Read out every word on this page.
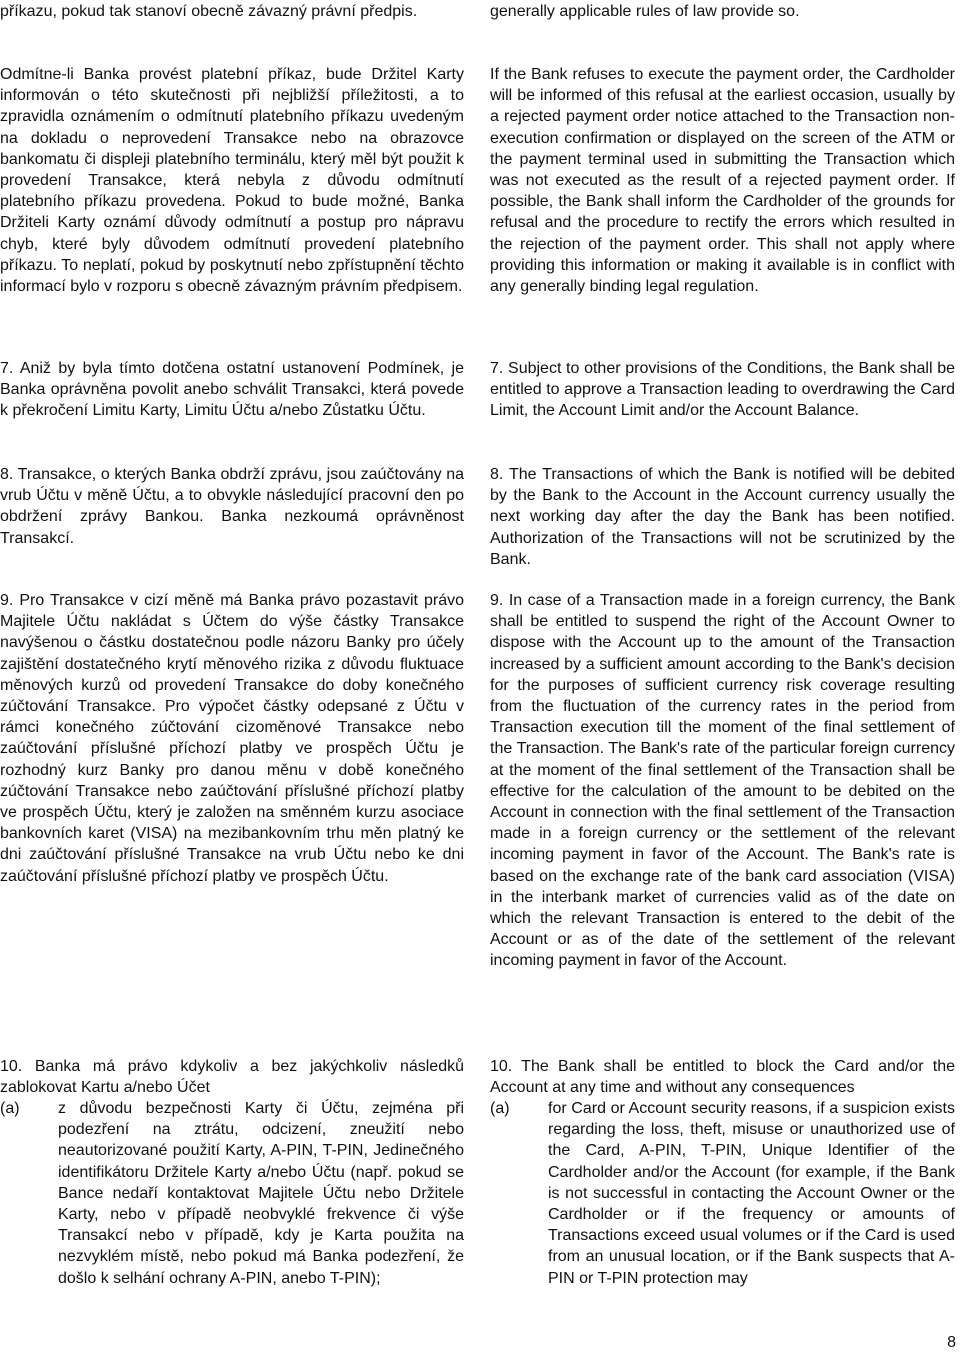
příkazu, pokud tak stanoví obecně závazný právní předpis.

Odmítne-li Banka provést platební příkaz, bude Držitel Karty informován o této skutečnosti při nejbližší příležitosti, a to zpravidla oznámením o odmítnutí platebního příkazu uvedeným na dokladu o neprovedení Transakce nebo na obrazovce bankomatu či displeji platebního terminálu, který měl být použit k provedení Transakce, která nebyla z důvodu odmítnutí platebního příkazu provedena. Pokud to bude možné, Banka Držiteli Karty oznámí důvody odmítnutí a postup pro nápravu chyb, které byly důvodem odmítnutí provedení platebního příkazu. To neplatí, pokud by poskytnutí nebo zpřístupnění těchto informací bylo v rozporu s obecně závazným právním předpisem.

7. Aniž by byla tímto dotčena ostatní ustanovení Podmínek, je Banka oprávněna povolit anebo schválit Transakci, která povede k překročení Limitu Karty, Limitu Účtu a/nebo Zůstatku Účtu.

8. Transakce, o kterých Banka obdrží zprávu, jsou zaúčtovány na vrub Účtu v měně Účtu, a to obvykle následující pracovní den po obdržení zprávy Bankou. Banka nezkoumá oprávněnost Transakcí.

9. Pro Transakce v cizí měně má Banka právo pozastavit právo Majitele Účtu nakládat s Účtem do výše částky Transakce navýšenou o částku dostatečnou podle názoru Banky pro účely zajištění dostatečného krytí měnového rizika z důvodu fluktuace měnových kurzů od provedení Transakce do doby konečného zúčtování Transakce. Pro výpočet částky odepsané z Účtu v rámci konečného zúčtování cizoměnové Transakce nebo zaúčtování příslušné příchozí platby ve prospěch Účtu je rozhodný kurz Banky pro danou měnu v době konečného zúčtování Transakce nebo zaúčtování příslušné příchozí platby ve prospěch Účtu, který je založen na směnném kurzu asociace bankovních karet (VISA) na mezibankovním trhu měn platný ke dni zaúčtování příslušné Transakce na vrub Účtu nebo ke dni zaúčtování příslušné příchozí platby ve prospěch Účtu.

10. Banka má právo kdykoliv a bez jakýchkoliv následků zablokovat Kartu a/nebo Účet

(a) z důvodu bezpečnosti Karty či Účtu, zejména při podezření na ztrátu, odcizení, zneužití nebo neautorizované použití Karty, A-PIN, T-PIN, Jedinečného identifikátoru Držitele Karty a/nebo Účtu (např. pokud se Bance nedaří kontaktovat Majitele Účtu nebo Držitele Karty, nebo v případě neobvyklé frekvence či výše Transakcí nebo v případě, kdy je Karta použita na nezvyklém místě, nebo pokud má Banka podezření, že došlo k selhání ochrany A-PIN, anebo T-PIN);

generally applicable rules of law provide so.

If the Bank refuses to execute the payment order, the Cardholder will be informed of this refusal at the earliest occasion, usually by a rejected payment order notice attached to the Transaction non-execution confirmation or displayed on the screen of the ATM or the payment terminal used in submitting the Transaction which was not executed as the result of a rejected payment order. If possible, the Bank shall inform the Cardholder of the grounds for refusal and the procedure to rectify the errors which resulted in the rejection of the payment order. This shall not apply where providing this information or making it available is in conflict with any generally binding legal regulation.

7. Subject to other provisions of the Conditions, the Bank shall be entitled to approve a Transaction leading to overdrawing the Card Limit, the Account Limit and/or the Account Balance.

8. The Transactions of which the Bank is notified will be debited by the Bank to the Account in the Account currency usually the next working day after the day the Bank has been notified. Authorization of the Transactions will not be scrutinized by the Bank.

9. In case of a Transaction made in a foreign currency, the Bank shall be entitled to suspend the right of the Account Owner to dispose with the Account up to the amount of the Transaction increased by a sufficient amount according to the Bank's decision for the purposes of sufficient currency risk coverage resulting from the fluctuation of the currency rates in the period from Transaction execution till the moment of the final settlement of the Transaction. The Bank's rate of the particular foreign currency at the moment of the final settlement of the Transaction shall be effective for the calculation of the amount to be debited on the Account in connection with the final settlement of the Transaction made in a foreign currency or the settlement of the relevant incoming payment in favor of the Account. The Bank's rate is based on the exchange rate of the bank card association (VISA) in the interbank market of currencies valid as of the date on which the relevant Transaction is entered to the debit of the Account or as of the date of the settlement of the relevant incoming payment in favor of the Account.

10. The Bank shall be entitled to block the Card and/or the Account at any time and without any consequences

(a) for Card or Account security reasons, if a suspicion exists regarding the loss, theft, misuse or unauthorized use of the Card, A-PIN, T-PIN, Unique Identifier of the Cardholder and/or the Account (for example, if the Bank is not successful in contacting the Account Owner or the Cardholder or if the frequency or amounts of Transactions exceed usual volumes or if the Card is used from an unusual location, or if the Bank suspects that A-PIN or T-PIN protection may
8
